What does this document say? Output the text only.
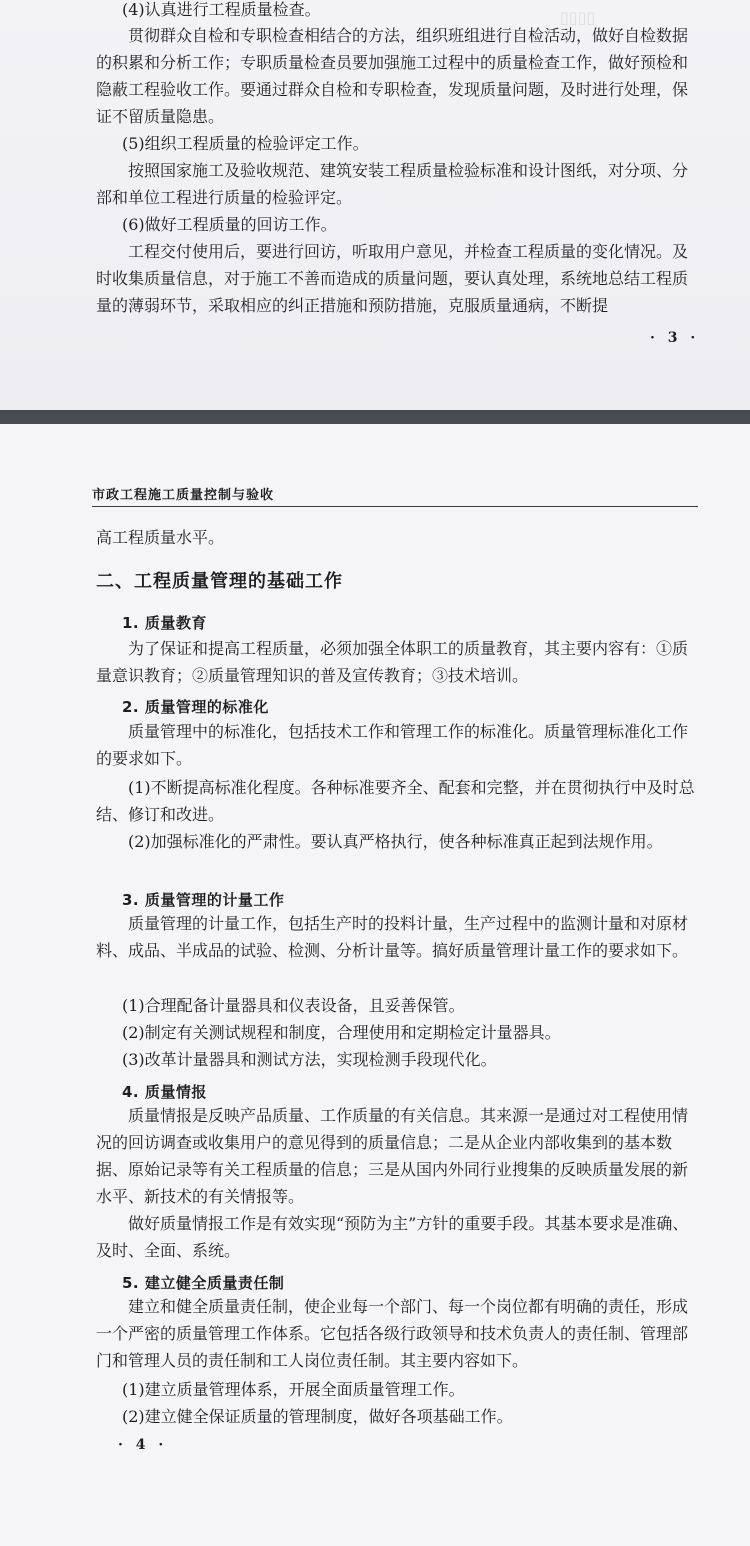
▯▯▯▯

(4)认真进行工程质量检查。

贯彻群众自检和专职检查相结合的方法，组织班组进行自检活动，做好自检数据的积累和分析工作；专职质量检查员要加强施工过程中的质量检查工作，做好预检和隐蔽工程验收工作。要通过群众自检和专职检查，发现质量问题，及时进行处理，保证不留质量隐患。

(5)组织工程质量的检验评定工作。

按照国家施工及验收规范、建筑安装工程质量检验标准和设计图纸，对分项、分部和单位工程进行质量的检验评定。

(6)做好工程质量的回访工作。

工程交付使用后，要进行回访，听取用户意见，并检查工程质量的变化情况。及时收集质量信息，对于施工不善而造成的质量问题，要认真处理，系统地总结工程质量的薄弱环节，采取相应的纠正措施和预防措施，克服质量通病，不断提

· 3 ·
市政工程施工质量控制与验收

高工程质量水平。

二、工程质量管理的基础工作
1. 质量教育

为了保证和提高工程质量，必须加强全体职工的质量教育，其主要内容有：①质量意识教育；②质量管理知识的普及宣传教育；③技术培训。

2. 质量管理的标准化

质量管理中的标准化，包括技术工作和管理工作的标准化。质量管理标准化工作的要求如下。

(1)不断提高标准化程度。各种标准要齐全、配套和完整，并在贯彻执行中及时总结、修订和改进。

(2)加强标准化的严肃性。要认真严格执行，使各种标准真正起到法规作用。

3. 质量管理的计量工作

质量管理的计量工作，包括生产时的投料计量，生产过程中的监测计量和对原材料、成品、半成品的试验、检测、分析计量等。搞好质量管理计量工作的要求如下。

(1)合理配备计量器具和仪表设备，且妥善保管。

(2)制定有关测试规程和制度，合理使用和定期检定计量器具。

(3)改革计量器具和测试方法，实现检测手段现代化。

4. 质量情报

质量情报是反映产品质量、工作质量的有关信息。其来源一是通过对工程使用情况的回访调查或收集用户的意见得到的质量信息；二是从企业内部收集到的基本数据、原始记录等有关工程质量的信息；三是从国内外同行业搜集的反映质量发展的新水平、新技术的有关情报等。

做好质量情报工作是有效实现“预防为主”方针的重要手段。其基本要求是准确、及时、全面、系统。

5. 建立健全质量责任制

建立和健全质量责任制，使企业每一个部门、每一个岗位都有明确的责任，形成一个严密的质量管理工作体系。它包括各级行政领导和技术负责人的责任制、管理部门和管理人员的责任制和工人岗位责任制。其主要内容如下。

(1)建立质量管理体系，开展全面质量管理工作。

(2)建立健全保证质量的管理制度，做好各项基础工作。

· 4 ·
